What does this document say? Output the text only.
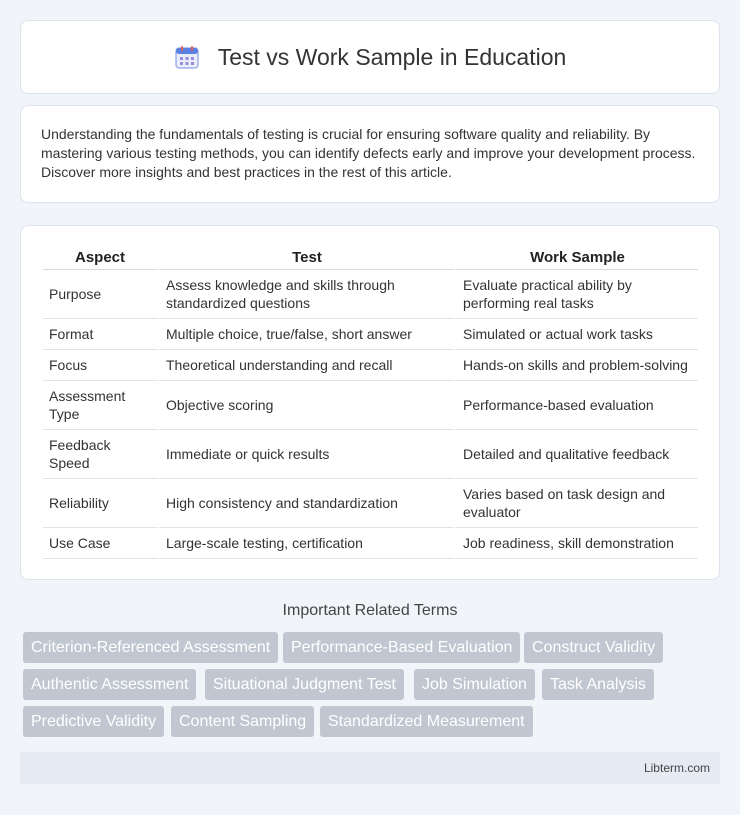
Test vs Work Sample in Education

Understanding the fundamentals of testing is crucial for ensuring software quality and reliability. By mastering various testing methods, you can identify defects early and improve your development process. Discover more insights and best practices in the rest of this article.

Aspect	Test	Work Sample
Purpose	Assess knowledge and skills through standardized questions	Evaluate practical ability by performing real tasks
Format	Multiple choice, true/false, short answer	Simulated or actual work tasks
Focus	Theoretical understanding and recall	Hands-on skills and problem-solving
Assessment Type	Objective scoring	Performance-based evaluation
Feedback Speed	Immediate or quick results	Detailed and qualitative feedback
Reliability	High consistency and standardization	Varies based on task design and evaluator
Use Case	Large-scale testing, certification	Job readiness, skill demonstration
Important Related Terms
Criterion-Referenced Assessment	Performance-Based Evaluation	Construct Validity
Authentic Assessment	Situational Judgment Test	Job Simulation	Task Analysis
Predictive Validity	Content Sampling	Standardized Measurement
Libterm.com
